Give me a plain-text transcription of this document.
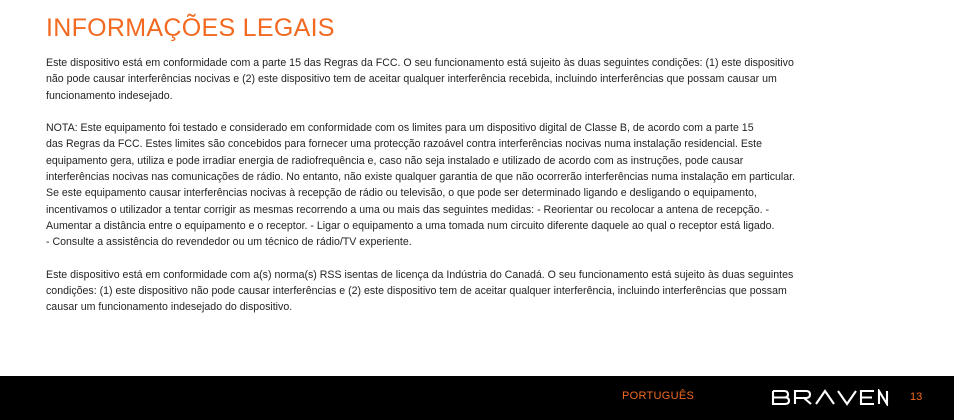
INFORMAÇÕES LEGAIS

Este dispositivo está em conformidade com a parte 15 das Regras da FCC. O seu funcionamento está sujeito às duas seguintes condições: (1) este dispositivo
não pode causar interferências nocivas e (2) este dispositivo tem de aceitar qualquer interferência recebida, incluindo interferências que possam causar um
funcionamento indesejado.

NOTA: Este equipamento foi testado e considerado em conformidade com os limites para um dispositivo digital de Classe B, de acordo com a parte 15
das Regras da FCC. Estes limites são concebidos para fornecer uma protecção razoável contra interferências nocivas numa instalação residencial. Este
equipamento gera, utiliza e pode irradiar energia de radiofrequência e, caso não seja instalado e utilizado de acordo com as instruções, pode causar
interferências nocivas nas comunicações de rádio. No entanto, não existe qualquer garantia de que não ocorrerão interferências numa instalação em particular.
Se este equipamento causar interferências nocivas à recepção de rádio ou televisão, o que pode ser determinado ligando e desligando o equipamento,
incentivamos o utilizador a tentar corrigir as mesmas recorrendo a uma ou mais das seguintes medidas: - Reorientar ou recolocar a antena de recepção. -
Aumentar a distância entre o equipamento e o receptor. - Ligar o equipamento a uma tomada num circuito diferente daquele ao qual o receptor está ligado.
- Consulte a assistência do revendedor ou um técnico de rádio/TV experiente.

Este dispositivo está em conformidade com a(s) norma(s) RSS isentas de licença da Indústria do Canadá. O seu funcionamento está sujeito às duas seguintes
condições: (1) este dispositivo não pode causar interferências e (2) este dispositivo tem de aceitar qualquer interferência, incluindo interferências que possam
causar um funcionamento indesejado do dispositivo.

PORTUGUÊS	13
